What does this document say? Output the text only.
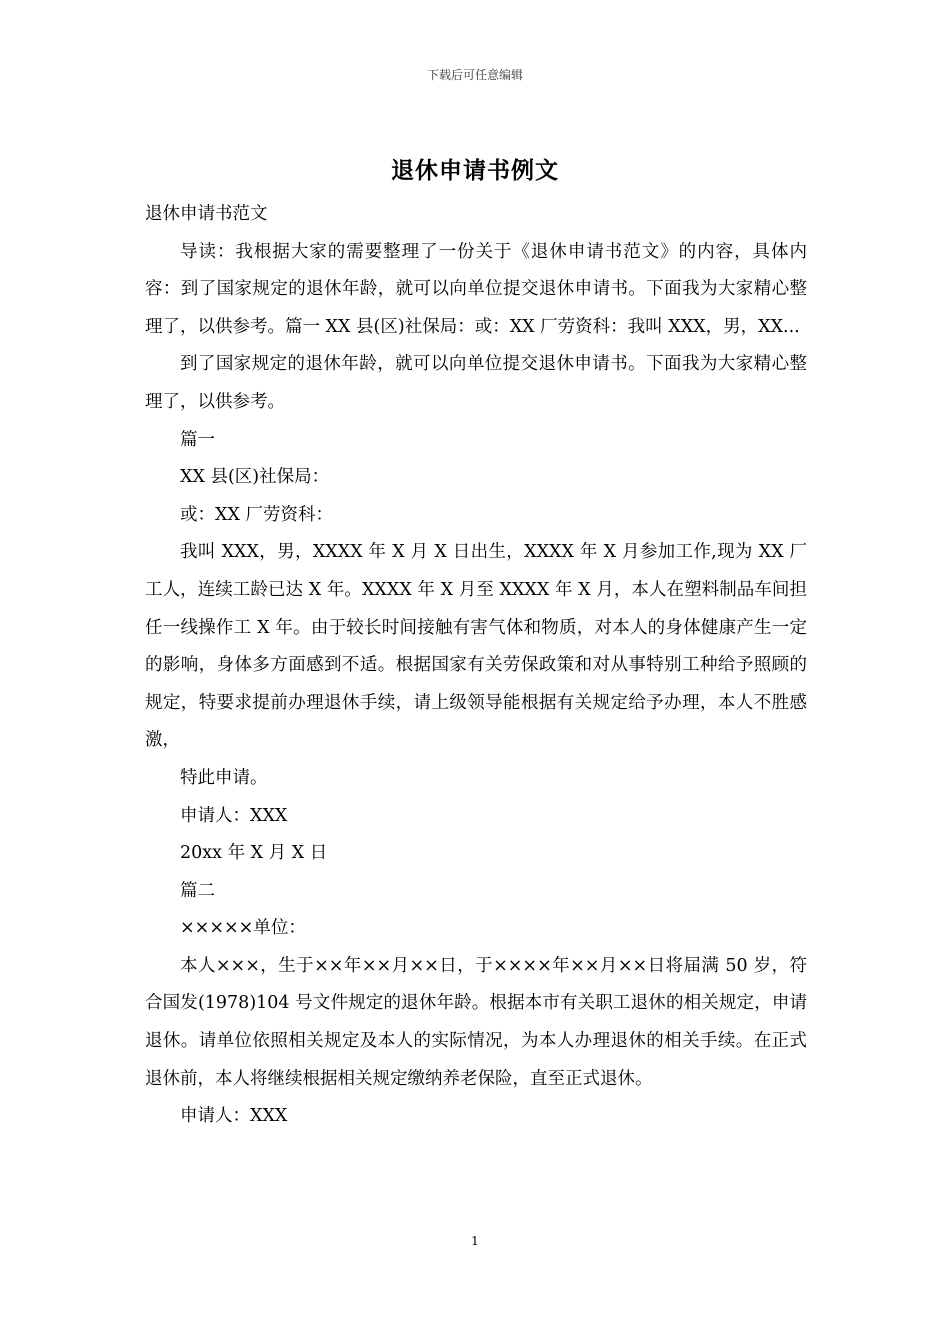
下载后可任意编辑
退休申请书例文

退休申请书范文

导读：我根据大家的需要整理了一份关于《退休申请书范文》的内容，具体内容：到了国家规定的退休年龄，就可以向单位提交退休申请书。下面我为大家精心整理了，以供参考。篇一 XX 县(区)社保局：或：XX 厂劳资科：我叫 XXX，男，XX...

到了国家规定的退休年龄，就可以向单位提交退休申请书。下面我为大家精心整理了，以供参考。

篇一

XX 县(区)社保局：

或：XX 厂劳资科：

我叫 XXX，男，XXXX 年 X 月 X 日出生，XXXX 年 X 月参加工作,现为 XX 厂工人，连续工龄已达 X 年。XXXX 年 X 月至 XXXX 年 X 月，本人在塑料制品车间担任一线操作工 X 年。由于较长时间接触有害气体和物质，对本人的身体健康产生一定的影响，身体多方面感到不适。根据国家有关劳保政策和对从事特别工种给予照顾的规定，特要求提前办理退休手续，请上级领导能根据有关规定给予办理，本人不胜感激，

特此申请。

申请人：XXX

20xx 年 X 月 X 日

篇二

×××××单位：

本人×××，生于××年××月××日，于××××年××月××日将届满 50 岁，符合国发(1978)104 号文件规定的退休年龄。根据本市有关职工退休的相关规定，申请退休。请单位依照相关规定及本人的实际情况，为本人办理退休的相关手续。在正式退休前，本人将继续根据相关规定缴纳养老保险，直至正式退休。

申请人：XXX

1
